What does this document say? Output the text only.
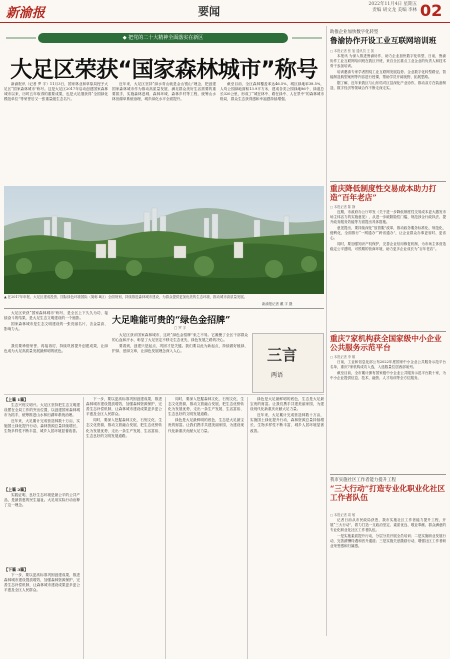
新渝报	要闻
2022年11月4日 星期五
责编 胡文龙 美编 李林 02
◆ 把党的二十大精神全面落实在新区
大足区荣获“国家森林城市”称号

新渝报讯（记者 罗 宇）11月3日，国家林业和草原局授予大足区“国家森林城市”称号。这是大足区2017年启动创建国家森林城市以来，历时五年取得的重要成果，也是大足继获得“全国绿化模范单位”等荣誉后又一张重量级生态名片。

近年来，大足区坚持“绿水青山就是金山银山”理念，把创建国家森林城市作为推动高质量发展、满足群众美好生活需要的重要抓手，实施森林进城、森林环城、森林乡村等工程，统筹山水林田湖草系统治理，城乡绿化水平全面提升。

截至目前，全区森林覆盖率达46.5%，城区绿地率38.5%，人均公园绿地面积13.9平方米，建成各类公园绿地86个，绿道总长320公里，形成了“城在林中、路在绿中、人在景中”的森林城市格局，群众生态获得感和幸福感持续增强。

▲ 在2017年申报、大足区建成投资、国际绿色环境国际（简称 B区）全面规划，持续推进森林城市建设，为群众提供更加优美的生态环境，推动城市高质量发展。
新渝报记者 戴 宇 摄

大足区荣获“国家森林城市”称号，是全区上下久久为功、接续奋斗的结果，是大足生态文明建设的一个缩影。

国家森林城市是生态文明建设的一张亮丽名片，含金量高、影响力大。

我们要珍惜荣誉、再接再厉，持续巩固提升创建成果，让绿色成为大足高质量发展最鲜明的底色。

大足唯能可贵的“绿色金招牌”
□ 罗 宇

大足区获评国家森林城市，这块“绿色金招牌”来之不易。它凝聚了全区干部群众的心血和汗水，彰显了大足坚定不移走生态优先、绿色发展之路的决心。

要看到，创建只是起点，巩固才是关键。我们要以此为新起点，持续做好植绿、护绿、爱绿文章，让绿色发展理念深入人心。	三言
两语
【上篇 1篇】

生态兴则文明兴。大足区坚持把生态文明建设摆在全局工作的突出位置，以创建国家森林城市为抓手，统筹推进山水林田湖草系统治理。

近年来，大足累计完成营造林数十万亩，实施国土绿化提升行动，森林资源总量持续增长，生物多样性不断丰富，城乡人居环境显著改善。

【上篇 2篇】

实践证明，良好生态环境是最公平的公共产品，是最普惠的民生福祉。大足用实际行动诠释了这一理念。

【下篇 3篇】

下一步，要以更高标准巩固创建成果，推进森林城市建设提质增效，加强森林资源保护，完善生态补偿机制，让森林城市建设成果更多更公平惠及全区人民群众。

下一步，要以更高标准巩固创建成果，推进森林城市建设提质增效，加强森林资源保护，完善生态补偿机制，让森林城市建设成果更多更公平惠及全区人民群众。

同时，要深入挖掘森林文化、石刻文化、生态文化资源，推动文旅融合发展，把生态优势转化为发展优势，走出一条生产发展、生活富裕、生态良好的文明发展道路。

同时，要深入挖掘森林文化、石刻文化、生态文化资源，推动文旅融合发展，把生态优势转化为发展优势，走出一条生产发展、生活富裕、生态良好的文明发展道路。

绿色是大足最鲜明的底色，生态是大足最宝贵的财富。让我们携手共建美丽家园，为建设现代化新重庆贡献大足力量。

绿色是大足最鲜明的底色，生态是大足最宝贵的财富。让我们携手共建美丽家园，为建设现代化新重庆贡献大足力量。

近年来，大足累计完成营造林数十万亩，实施国土绿化提升行动，森林资源总量持续增长，生物多样性不断丰富，城乡人居环境显著改善。

助推企业加快数字化转型
鲁渝协作开设工业互联网培训班
□ 本报记者 张 旭 通讯员 王 凯

本报讯 为深入推进鲁渝协作，助力企业加快数字化转型，日前，鲁渝协作工业互联网培训班在我区开班，来自全区重点工业企业的负责人和技术骨干参加培训。

培训邀请专家学者围绕工业互联网发展趋势、企业数字化转型路径、智能制造典型案例等内容进行授课，帮助学员开阔视野、拓展思路。

据了解，近年来我区与山东结对区县深化产业协作，推动双方在装备制造、数字经济等领域合作不断走深走实。

重庆降低制度性交易成本助力打造“百年老店”
□ 本报记者 陈 静

近期，市政府办公厅印发《关于进一步降低制度性交易成本更大激发市场主体活力的实施意见》，从进一步破除隐性门槛、规范涉企行政执法、提升政务服务效能等方面提出具体措施。

意见提出，要持续深化“放管服”改革，推动政务服务标准化、规范化、便利化，全面推行“一网通办”“跨省通办”，让企业群众办事更省时、更省心。

同时，要加强知识产权保护，完善企业信用修复机制，为市场主体营造稳定公平透明、可预期的营商环境，助力更多企业成长为“百年老店”。

重庆7家机构获全国家级中小企业公共服务示范平台
□ 本报记者 李 娜

日前，工业和信息化部公布2022年度国家中小企业公共服务示范平台名单，重庆7家机构成功入选，入选数量位居西部前列。

截至目前，全市累计拥有国家级中小企业公共服务示范平台数十家，为中小企业提供信息、技术、融资、人才培训等全方位服务。

我市实施社区工作者能力提升工程
“三大行动”打造专业化职业化社区工作者队伍
□ 本报记者 周 敏

记者日前从市民政局获悉，我市实施社区工作者能力提升工程，开展“三大行动”，着力打造一支政治坚定、素质优良、敬业奉献、群众满意的专业化职业化社区工作者队伍。

一是实施素质提升行动，分层分类开展全员培训；二是实施职业发展行动，完善薪酬待遇和晋升通道；三是实施关爱激励行动，增强社区工作者职业荣誉感和归属感。
